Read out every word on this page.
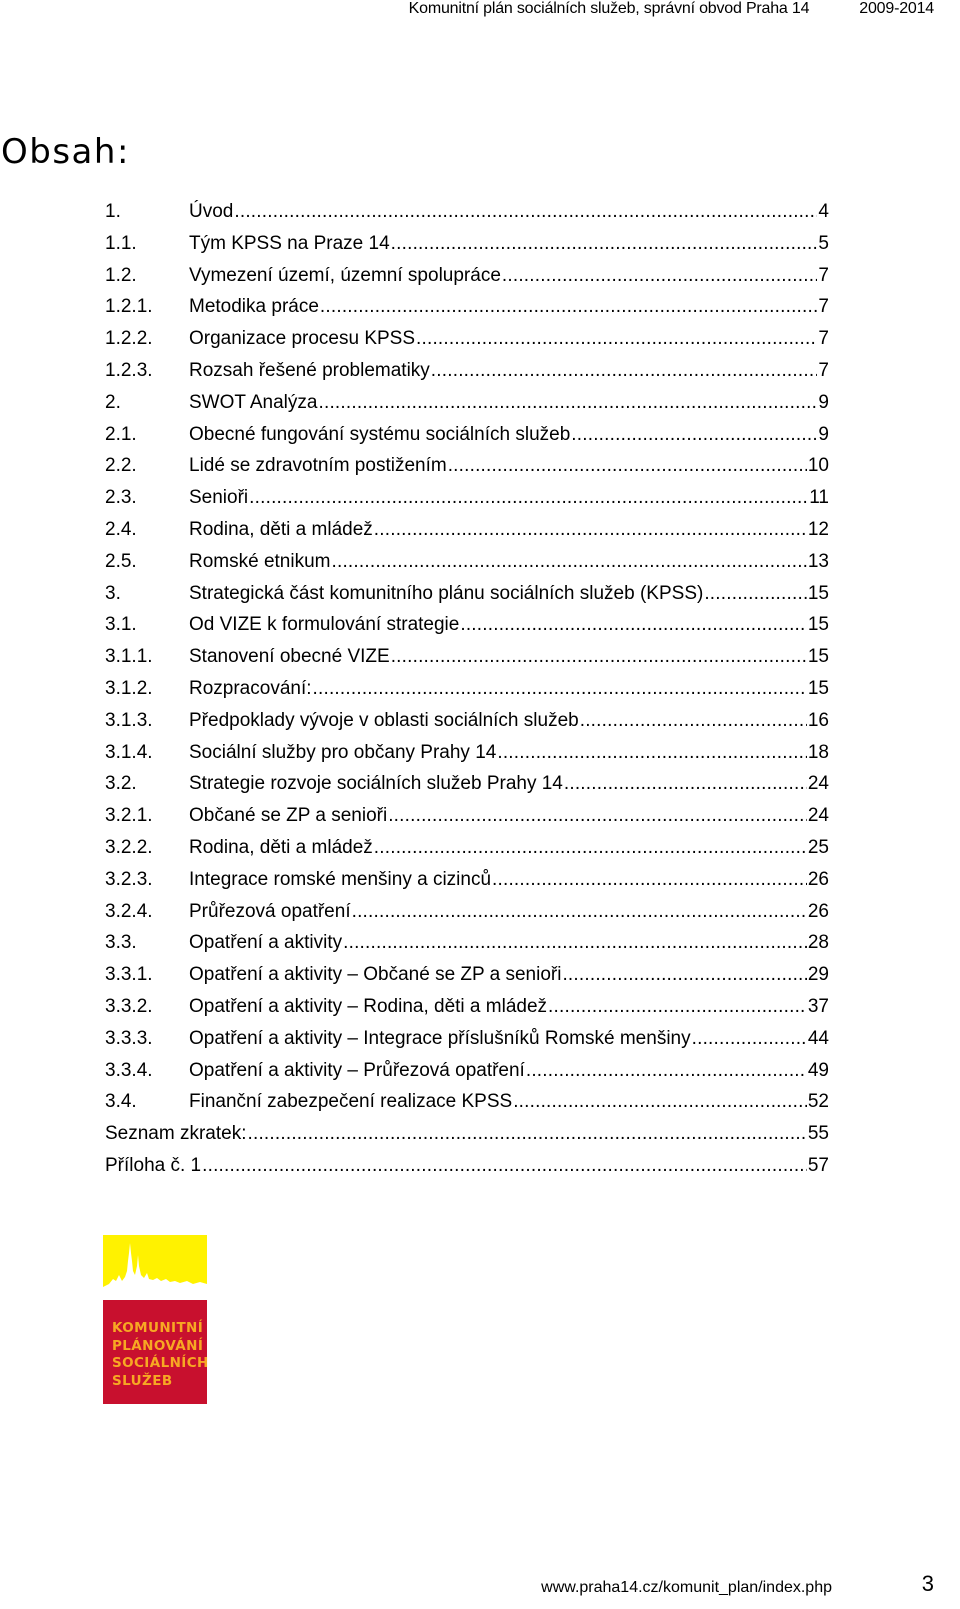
Komunitní plán sociálních služeb, správní obvod Praha 14	2009-2014
Obsah:
1.	Úvod .....	4
1.1.	Tým KPSS na Praze 14 .....	5
1.2.	Vymezení území, územní spolupráce .....	7
1.2.1.	Metodika práce .....	7
1.2.2.	Organizace procesu KPSS .....	7
1.2.3.	Rozsah řešené problematiky .....	7
2.	SWOT Analýza .....	9
2.1.	Obecné fungování systému sociálních služeb .....	9
2.2.	Lidé se zdravotním postižením .....	10
2.3.	Senioři .....	11
2.4.	Rodina, děti a mládež .....	12
2.5.	Romské etnikum .....	13
3.	Strategická část komunitního plánu sociálních služeb (KPSS) .....	15
3.1.	Od VIZE k formulování strategie .....	15
3.1.1.	Stanovení obecné VIZE .....	15
3.1.2.	Rozpracování: .....	15
3.1.3.	Předpoklady vývoje v oblasti sociálních služeb .....	16
3.1.4.	Sociální služby pro občany Prahy 14 .....	18
3.2.	Strategie rozvoje sociálních služeb Prahy 14 .....	24
3.2.1.	Občané se ZP a senioři .....	24
3.2.2.	Rodina, děti a mládež .....	25
3.2.3.	Integrace romské menšiny a cizinců .....	26
3.2.4.	Průřezová opatření .....	26
3.3.	Opatření a aktivity .....	28
3.3.1.	Opatření a aktivity – Občané se ZP a senioři .....	29
3.3.2.	Opatření a aktivity – Rodina, děti a mládež .....	37
3.3.3.	Opatření a aktivity – Integrace příslušníků Romské menšiny .....	44
3.3.4.	Opatření a aktivity – Průřezová opatření .....	49
3.4.	Finanční zabezpečení realizace KPSS .....	52
Seznam zkratek: .....	55
Příloha č. 1 .....	57
KOMUNITNÍ
PLÁNOVÁNÍ
SOCIÁLNÍCH
SLUŽEB
www.praha14.cz/komunit_plan/index.php	3
